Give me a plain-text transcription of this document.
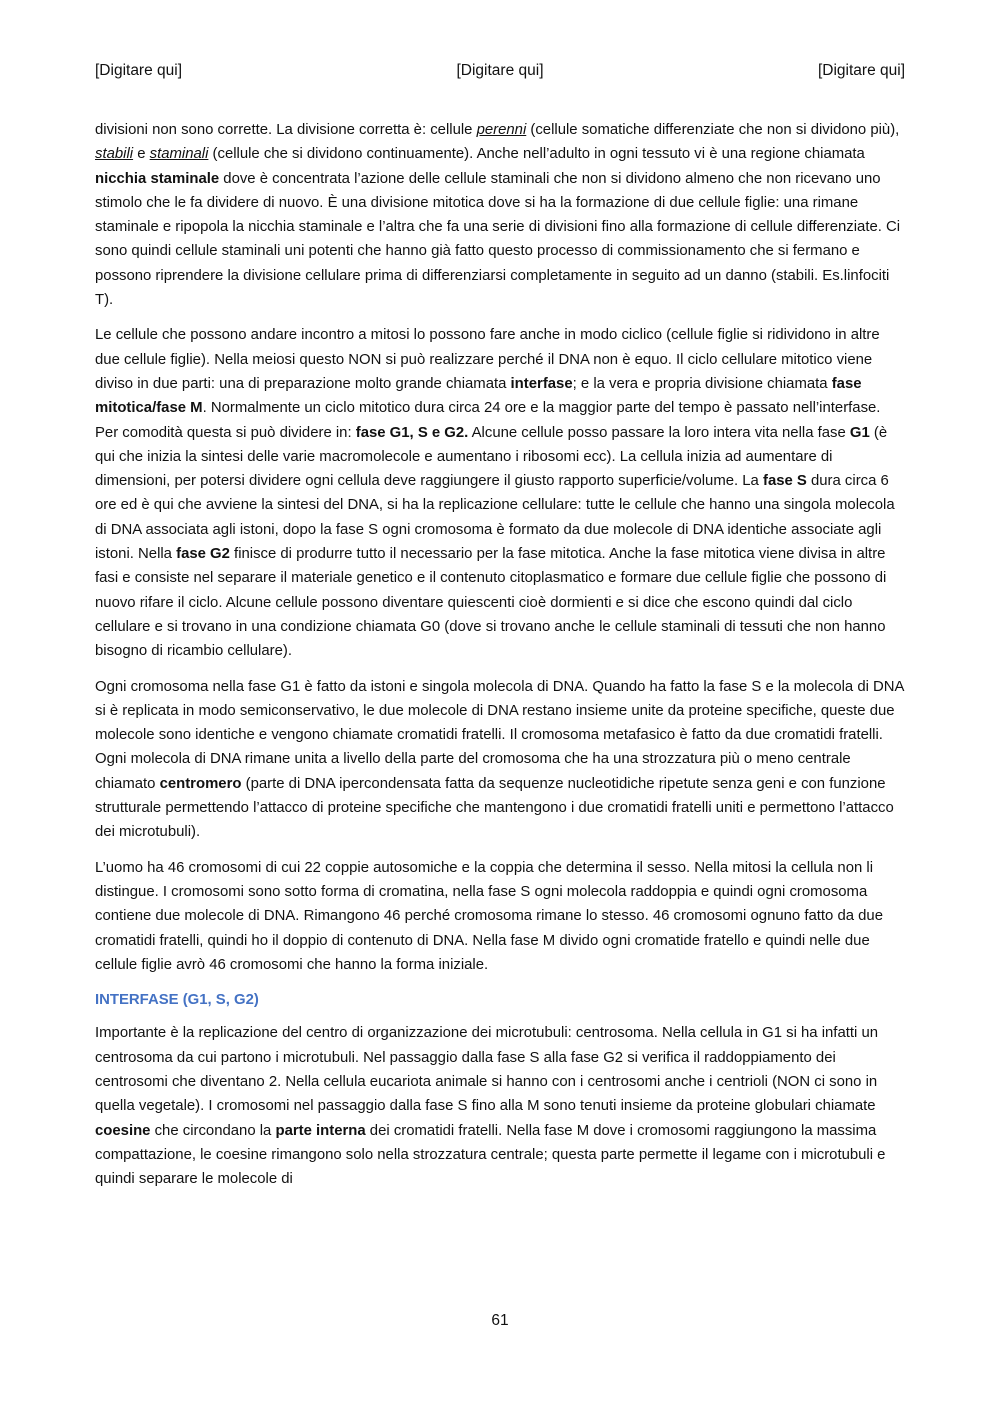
[Digitare qui]	[Digitare qui]	[Digitare qui]

divisioni non sono corrette. La divisione corretta è: cellule perenni (cellule somatiche differenziate che non si dividono più), stabili e staminali (cellule che si dividono continuamente). Anche nell’adulto in ogni tessuto vi è una regione chiamata nicchia staminale dove è concentrata l’azione delle cellule staminali che non si dividono almeno che non ricevano uno stimolo che le fa dividere di nuovo. È una divisione mitotica dove si ha la formazione di due cellule figlie: una rimane staminale e ripopola la nicchia staminale e l’altra che fa una serie di divisioni fino alla formazione di cellule differenziate. Ci sono quindi cellule staminali uni potenti che hanno già fatto questo processo di commissionamento che si fermano e possono riprendere la divisione cellulare prima di differenziarsi completamente in seguito ad un danno (stabili. Es.linfociti T).

Le cellule che possono andare incontro a mitosi lo possono fare anche in modo ciclico (cellule figlie si ridividono in altre due cellule figlie). Nella meiosi questo NON si può realizzare perché il DNA non è equo. Il ciclo cellulare mitotico viene diviso in due parti: una di preparazione molto grande chiamata interfase; e la vera e propria divisione chiamata fase mitotica/fase M. Normalmente un ciclo mitotico dura circa 24 ore e la maggior parte del tempo è passato nell’interfase. Per comodità questa si può dividere in: fase G1, S e G2. Alcune cellule posso passare la loro intera vita nella fase G1 (è qui che inizia la sintesi delle varie macromolecole e aumentano i ribosomi ecc). La cellula inizia ad aumentare di dimensioni, per potersi dividere ogni cellula deve raggiungere il giusto rapporto superficie/volume. La fase S dura circa 6 ore ed è qui che avviene la sintesi del DNA, si ha la replicazione cellulare: tutte le cellule che hanno una singola molecola di DNA associata agli istoni, dopo la fase S ogni cromosoma è formato da due molecole di DNA identiche associate agli istoni. Nella fase G2 finisce di produrre tutto il necessario per la fase mitotica. Anche la fase mitotica viene divisa in altre fasi e consiste nel separare il materiale genetico e il contenuto citoplasmatico e formare due cellule figlie che possono di nuovo rifare il ciclo. Alcune cellule possono diventare quiescenti cioè dormienti e si dice che escono quindi dal ciclo cellulare e si trovano in una condizione chiamata G0 (dove si trovano anche le cellule staminali di tessuti che non hanno bisogno di ricambio cellulare).

Ogni cromosoma nella fase G1 è fatto da istoni e singola molecola di DNA. Quando ha fatto la fase S e la molecola di DNA si è replicata in modo semiconservativo, le due molecole di DNA restano insieme unite da proteine specifiche, queste due molecole sono identiche e vengono chiamate cromatidi fratelli. Il cromosoma metafasico è fatto da due cromatidi fratelli. Ogni molecola di DNA rimane unita a livello della parte del cromosoma che ha una strozzatura più o meno centrale chiamato centromero (parte di DNA ipercondensata fatta da sequenze nucleotidiche ripetute senza geni e con funzione strutturale permettendo l’attacco di proteine specifiche che mantengono i due cromatidi fratelli uniti e permettono l’attacco dei microtubuli).

L’uomo ha 46 cromosomi di cui 22 coppie autosomiche e la coppia che determina il sesso. Nella mitosi la cellula non li distingue. I cromosomi sono sotto forma di cromatina, nella fase S ogni molecola raddoppia e quindi ogni cromosoma contiene due molecole di DNA. Rimangono 46 perché cromosoma rimane lo stesso. 46 cromosomi ognuno fatto da due cromatidi fratelli, quindi ho il doppio di contenuto di DNA. Nella fase M divido ogni cromatide fratello e quindi nelle due cellule figlie avrò 46 cromosomi che hanno la forma iniziale.

INTERFASE (G1, S, G2)

Importante è la replicazione del centro di organizzazione dei microtubuli: centrosoma. Nella cellula in G1 si ha infatti un centrosoma da cui partono i microtubuli. Nel passaggio dalla fase S alla fase G2 si verifica il raddoppiamento dei centrosomi che diventano 2. Nella cellula eucariota animale si hanno con i centrosomi anche i centrioli (NON ci sono in quella vegetale). I cromosomi nel passaggio dalla fase S fino alla M sono tenuti insieme da proteine globulari chiamate coesine che circondano la parte interna dei cromatidi fratelli. Nella fase M dove i cromosomi raggiungono la massima compattazione, le coesine rimangono solo nella strozzatura centrale; questa parte permette il legame con i microtubuli e quindi separare le molecole di

61
